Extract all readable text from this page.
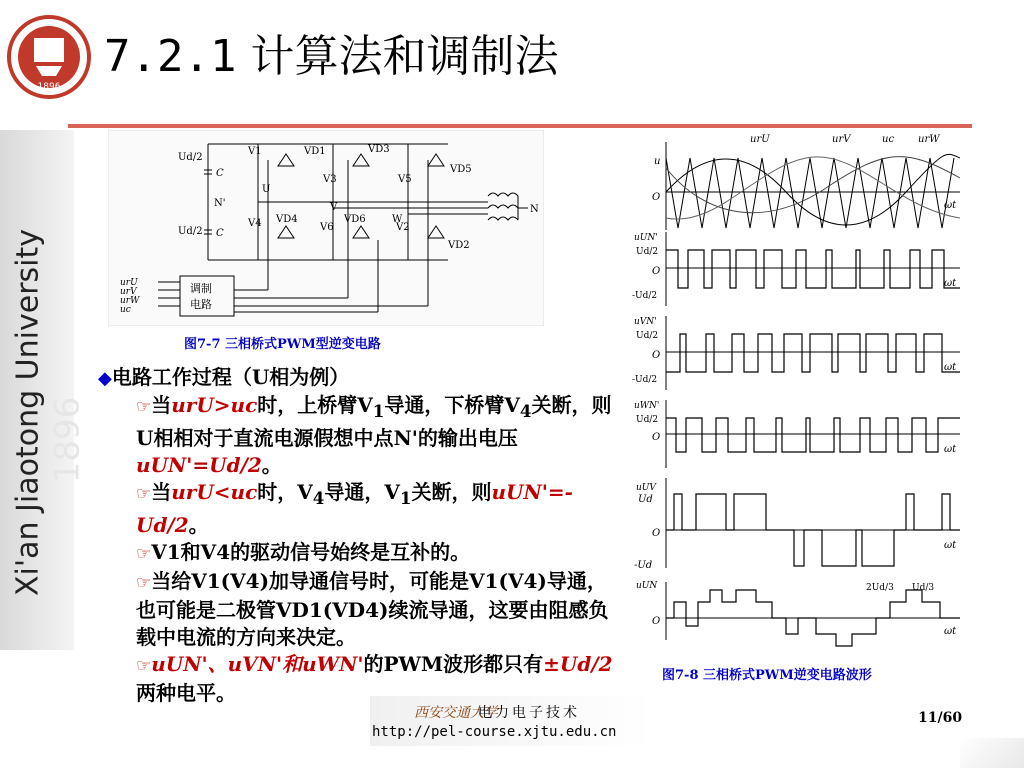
1896
Xi'an Jiaotong University
1896
7.2.1 计算法和调制法
Ud/2
Ud/2
C
C
N'
V1	VD1
V3
VD3
V5
VD5
V4 VD4
V6
VD6
V2
VD2
U
V
W
N
调制
电路
urU
urV
urW
uc
图7-7 三相桥式PWM型逆变电路
u
O
ωt
urU	urV	uc urW
uUN'
Ud/2
O
-Ud/2
ωt
uVN'
Ud/2
O
-Ud/2
ωt
uWN'
Ud/2
O
ωt
uUV
Ud
O
-Ud
ωt
uUN
O
ωt
2Ud/3 Ud/3
图7-8 三相桥式PWM逆变电路波形

◆电路工作过程（U相为例）

☞当urU>uc时，上桥臂$V_1$导通，下桥臂$V_4$关断，则U相相对于直流电源假想中点N'的输出电压uUN'=Ud/2。

☞当urU<uc时，$V_4$导通，$V_1$关断，则uUN'=-Ud/2。

☞V1和V4的驱动信号始终是互补的。

☞当给V1(V4)加导通信号时，可能是V1(V4)导通，也可能是二极管VD1(VD4)续流导通，这要由阻感负载中电流的方向来决定。

☞uUN'、uVN'和uWN'的PWM波形都只有±Ud/2两种电平。

西安交通大学
电力电子技术
http://pel-course.xjtu.edu.cn
11/60
